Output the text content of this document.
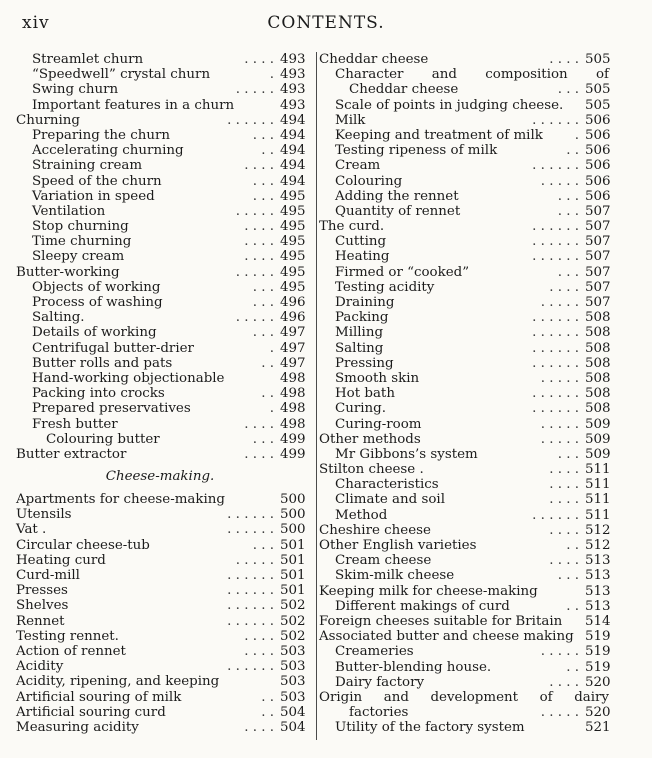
xiv	CONTENTS.
Streamlet churn	. . . . 493
“Speedwell” crystal churn	. 493
Swing churn	. . . . . 493
Important features in a churn	493
Churning	. . . . . . 494
Preparing the churn	. . . 494
Accelerating churning	. . 494
Straining cream	. . . . 494
Speed of the churn	. . . 494
Variation in speed	. . . 495
Ventilation	. . . . . 495
Stop churning	. . . . 495
Time churning	. . . . 495
Sleepy cream	. . . . 495
Butter-working	. . . . . 495
Objects of working	. . . 495
Process of washing	. . . 496
Salting.	. . . . . 496
Details of working	. . . 497
Centrifugal butter-drier	. 497
Butter rolls and pats	. . 497
Hand-working objectionable	498
Packing into crocks	. . 498
Prepared preservatives	. 498
Fresh butter	. . . . 498
Colouring butter	. . . 499
Butter extractor	. . . . 499
Cheese-making.
Apartments for cheese-making	500
Utensils	. . . . . . 500
Vat .	. . . . . . 500
Circular cheese-tub	. . . 501
Heating curd	. . . . . 501
Curd-mill	. . . . . . 501
Presses	. . . . . . 501
Shelves	. . . . . . 502
Rennet	. . . . . . 502
Testing rennet.	. . . . 502
Action of rennet	. . . . 503
Acidity	. . . . . . 503
Acidity, ripening, and keeping	503
Artificial souring of milk	. . 503
Artificial souring curd	. . 504
Measuring acidity	. . . . 504
Cheddar cheese	. . . . 505
Character and composition of
Cheddar cheese	. . . 505
Scale of points in judging cheese. 505
Milk	. . . . . . 506
Keeping and treatment of milk . 506
Testing ripeness of milk	. . 506
Cream	. . . . . . 506
Colouring	. . . . . 506
Adding the rennet	. . . 506
Quantity of rennet	. . . 507
The curd.	. . . . . . 507
Cutting	. . . . . . 507
Heating	. . . . . . 507
Firmed or “cooked”	. . . 507
Testing acidity	. . . . 507
Draining	. . . . . 507
Packing	. . . . . . 508
Milling	. . . . . . 508
Salting	. . . . . . 508
Pressing	. . . . . . 508
Smooth skin	. . . . . 508
Hot bath	. . . . . . 508
Curing.	. . . . . . 508
Curing-room	. . . . . 509
Other methods	. . . . . 509
Mr Gibbons’s system	. . . 509
Stilton cheese .	. . . . 511
Characteristics	. . . . 511
Climate and soil	. . . . 511
Method	. . . . . . 511
Cheshire cheese	. . . . 512
Other English varieties	. . 512
Cream cheese	. . . . 513
Skim-milk cheese	. . . 513
Keeping milk for cheese-making	513
Different makings of curd	. . 513
Foreign cheeses suitable for Britain 514
Associated butter and cheese making 519
Creameries	. . . . . 519
Butter-blending house.	. . 519
Dairy factory	. . . . 520
Origin and development of dairy
factories	. . . . . 520
Utility of the factory system	521
